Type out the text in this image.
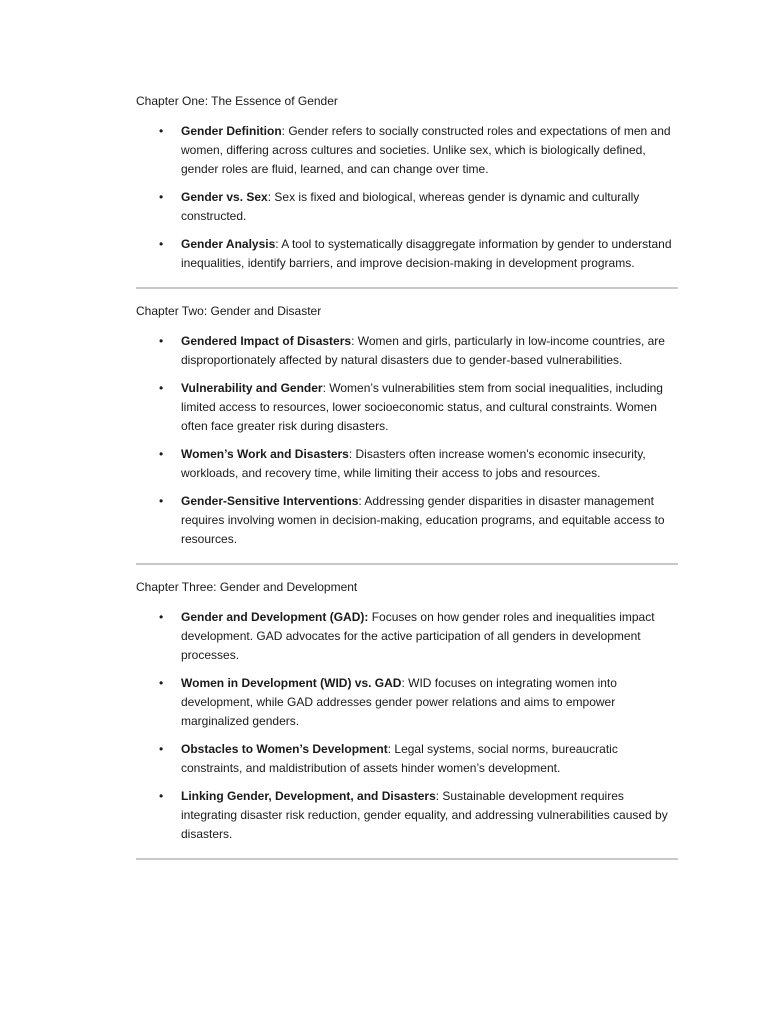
Chapter One: The Essence of Gender
• Gender Definition: Gender refers to socially constructed roles and expectations of men and women, differing across cultures and societies. Unlike sex, which is biologically defined, gender roles are fluid, learned, and can change over time.
• Gender vs. Sex: Sex is fixed and biological, whereas gender is dynamic and culturally constructed.
• Gender Analysis: A tool to systematically disaggregate information by gender to understand inequalities, identify barriers, and improve decision-making in development programs.
Chapter Two: Gender and Disaster
• Gendered Impact of Disasters: Women and girls, particularly in low-income countries, are disproportionately affected by natural disasters due to gender-based vulnerabilities.
• Vulnerability and Gender: Women’s vulnerabilities stem from social inequalities, including limited access to resources, lower socioeconomic status, and cultural constraints. Women often face greater risk during disasters.
• Women’s Work and Disasters: Disasters often increase women's economic insecurity, workloads, and recovery time, while limiting their access to jobs and resources.
• Gender-Sensitive Interventions: Addressing gender disparities in disaster management requires involving women in decision-making, education programs, and equitable access to resources.
Chapter Three: Gender and Development
• Gender and Development (GAD): Focuses on how gender roles and inequalities impact development. GAD advocates for the active participation of all genders in development processes.
• Women in Development (WID) vs. GAD: WID focuses on integrating women into development, while GAD addresses gender power relations and aims to empower marginalized genders.
• Obstacles to Women’s Development: Legal systems, social norms, bureaucratic constraints, and maldistribution of assets hinder women’s development.
• Linking Gender, Development, and Disasters: Sustainable development requires integrating disaster risk reduction, gender equality, and addressing vulnerabilities caused by disasters.
